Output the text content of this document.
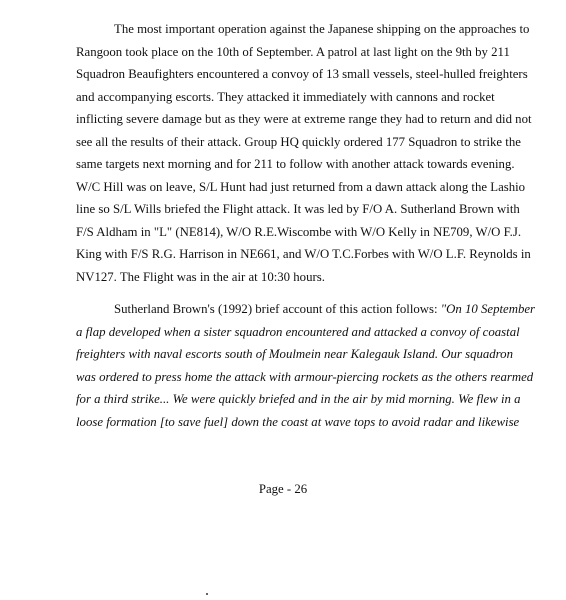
The most important operation against the Japanese shipping on the approaches to
Rangoon took place on the 10th of September. A patrol at last light on the 9th by 211
Squadron Beaufighters encountered a convoy of 13 small vessels, steel-hulled freighters
and accompanying escorts. They attacked it immediately with cannons and rocket
inflicting severe damage but as they were at extreme range they had to return and did not
see all the results of their attack. Group HQ quickly ordered 177 Squadron to strike the
same targets next morning and for 211 to follow with another attack towards evening.
W/C Hill was on leave, S/L Hunt had just returned from a dawn attack along the Lashio
line so S/L Wills briefed the Flight attack. It was led by F/O A. Sutherland Brown with
F/S Aldham in "L" (NE814), W/O R.E.Wiscombe with W/O Kelly in NE709, W/O F.J.
King with F/S R.G. Harrison in NE661, and W/O T.C.Forbes with W/O L.F. Reynolds in
NV127. The Flight was in the air at 10:30 hours.
Sutherland Brown's (1992) brief account of this action follows: "On 10 September
a flap developed when a sister squadron encountered and attacked a convoy of coastal
freighters with naval escorts south of Moulmein near Kalegauk Island. Our squadron
was ordered to press home the attack with armour-piercing rockets as the others rearmed
for a third strike... We were quickly briefed and in the air by mid morning. We flew in a
loose formation [to save fuel] down the coast at wave tops to avoid radar and likewise
Page - 26
